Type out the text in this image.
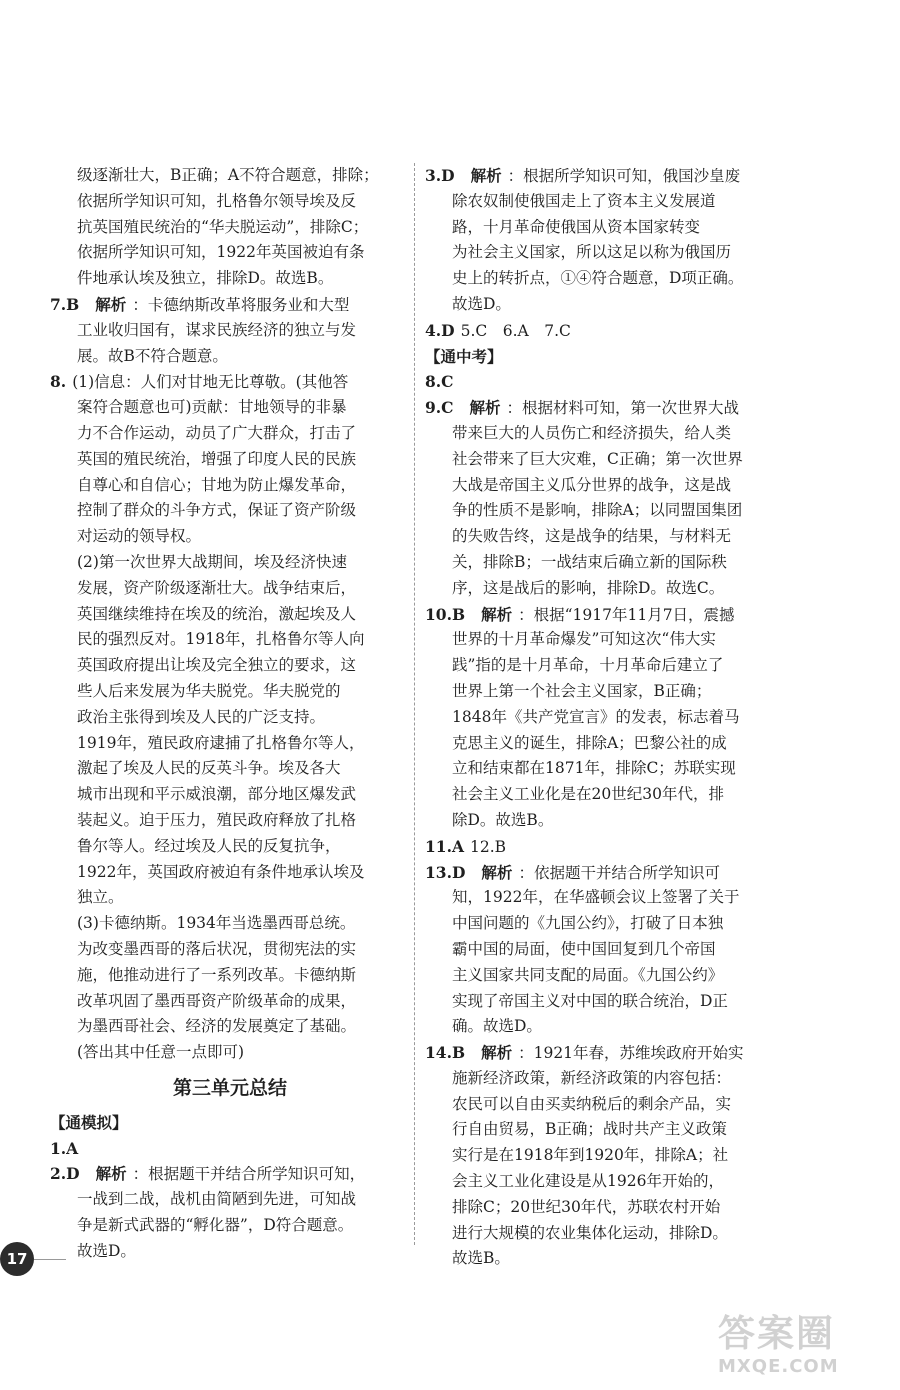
级逐渐壮大，B正确；A不符合题意，排除；
依据所学知识可知，扎格鲁尔领导埃及反
抗英国殖民统治的“华夫脱运动”，排除C；
依据所学知识可知，1922年英国被迫有条
件地承认埃及独立，排除D。故选B。
7.B 解析 ：卡德纳斯改革将服务业和大型
工业收归国有，谋求民族经济的独立与发
展。故B不符合题意。
8. (1)信息：人们对甘地无比尊敬。(其他答
案符合题意也可)贡献：甘地领导的非暴
力不合作运动，动员了广大群众，打击了
英国的殖民统治，增强了印度人民的民族
自尊心和自信心；甘地为防止爆发革命，
控制了群众的斗争方式，保证了资产阶级
对运动的领导权。
(2)第一次世界大战期间，埃及经济快速
发展，资产阶级逐渐壮大。战争结束后，
英国继续维持在埃及的统治，激起埃及人
民的强烈反对。1918年，扎格鲁尔等人向
英国政府提出让埃及完全独立的要求，这
些人后来发展为华夫脱党。华夫脱党的
政治主张得到埃及人民的广泛支持。
1919年，殖民政府逮捕了扎格鲁尔等人，
激起了埃及人民的反英斗争。埃及各大
城市出现和平示威浪潮，部分地区爆发武
装起义。迫于压力，殖民政府释放了扎格
鲁尔等人。经过埃及人民的反复抗争，
1922年，英国政府被迫有条件地承认埃及
独立。
(3)卡德纳斯。1934年当选墨西哥总统。
为改变墨西哥的落后状况，贯彻宪法的实
施，他推动进行了一系列改革。卡德纳斯
改革巩固了墨西哥资产阶级革命的成果，
为墨西哥社会、经济的发展奠定了基础。
(答出其中任意一点即可)
第三单元总结
【通模拟】
1.A
2.D 解析 ：根据题干并结合所学知识可知，
一战到二战，战机由简陋到先进，可知战
争是新式武器的“孵化器”，D符合题意。
故选D。
3.D 解析 ：根据所学知识可知，俄国沙皇废
除农奴制使俄国走上了资本主义发展道
路，十月革命使俄国从资本国家转变
为社会主义国家，所以这足以称为俄国历
史上的转折点，①④符合题意，D项正确。
故选D。
4.D 5.C　6.A　7.C
【通中考】
8.C
9.C 解析 ：根据材料可知，第一次世界大战
带来巨大的人员伤亡和经济损失，给人类
社会带来了巨大灾难，C正确；第一次世界
大战是帝国主义瓜分世界的战争，这是战
争的性质不是影响，排除A；以同盟国集团
的失败告终，这是战争的结果，与材料无
关，排除B；一战结束后确立新的国际秩
序，这是战后的影响，排除D。故选C。
10.B 解析 ：根据“1917年11月7日，震撼
世界的十月革命爆发”可知这次“伟大实
践”指的是十月革命，十月革命后建立了
世界上第一个社会主义国家，B正确；
1848年《共产党宣言》的发表，标志着马
克思主义的诞生，排除A；巴黎公社的成
立和结束都在1871年，排除C；苏联实现
社会主义工业化是在20世纪30年代，排
除D。故选B。
11.A 12.B
13.D 解析 ：依据题干并结合所学知识可
知，1922年，在华盛顿会议上签署了关于
中国问题的《九国公约》，打破了日本独
霸中国的局面，使中国回复到几个帝国
主义国家共同支配的局面。《九国公约》
实现了帝国主义对中国的联合统治，D正
确。故选D。
14.B 解析 ：1921年春，苏维埃政府开始实
施新经济政策，新经济政策的内容包括：
农民可以自由买卖纳税后的剩余产品，实
行自由贸易，B正确；战时共产主义政策
实行是在1918年到1920年，排除A；社
会主义工业化建设是从1926年开始的，
排除C；20世纪30年代，苏联农村开始
进行大规模的农业集体化运动，排除D。
故选B。
17
答案圈
MXQE.COM
